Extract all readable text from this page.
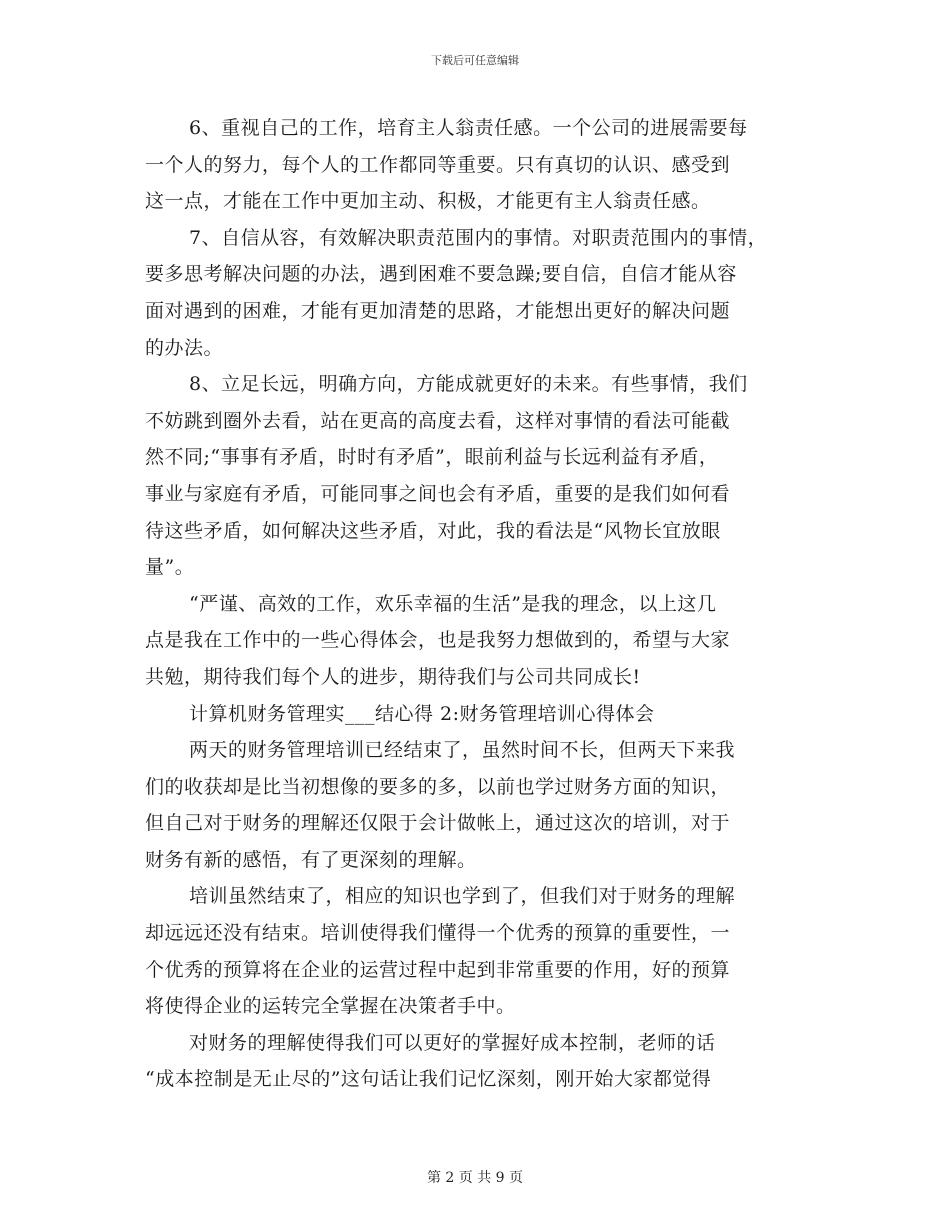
下载后可任意编辑
6、重视自己的工作，培育主人翁责任感。一个公司的进展需要每
一个人的努力，每个人的工作都同等重要。只有真切的认识、感受到
这一点，才能在工作中更加主动、积极，才能更有主人翁责任感。
7、自信从容，有效解决职责范围内的事情。对职责范围内的事情，
要多思考解决问题的办法，遇到困难不要急躁;要自信，自信才能从容
面对遇到的困难，才能有更加清楚的思路，才能想出更好的解决问题
的办法。
8、立足长远，明确方向，方能成就更好的未来。有些事情，我们
不妨跳到圈外去看，站在更高的高度去看，这样对事情的看法可能截
然不同;“事事有矛盾，时时有矛盾”，眼前利益与长远利益有矛盾，
事业与家庭有矛盾，可能同事之间也会有矛盾，重要的是我们如何看
待这些矛盾，如何解决这些矛盾，对此，我的看法是“风物长宜放眼
量”。
“严谨、高效的工作，欢乐幸福的生活”是我的理念，以上这几
点是我在工作中的一些心得体会，也是我努力想做到的，希望与大家
共勉，期待我们每个人的进步，期待我们与公司共同成长!
计算机财务管理实___结心得 2:财务管理培训心得体会
两天的财务管理培训已经结束了，虽然时间不长，但两天下来我
们的收获却是比当初想像的要多的多，以前也学过财务方面的知识，
但自己对于财务的理解还仅限于会计做帐上，通过这次的培训，对于
财务有新的感悟，有了更深刻的理解。
培训虽然结束了，相应的知识也学到了，但我们对于财务的理解
却远远还没有结束。培训使得我们懂得一个优秀的预算的重要性，一
个优秀的预算将在企业的运营过程中起到非常重要的作用，好的预算
将使得企业的运转完全掌握在决策者手中。
对财务的理解使得我们可以更好的掌握好成本控制，老师的话
“成本控制是无止尽的”这句话让我们记忆深刻，刚开始大家都觉得
第 2 页 共 9 页
